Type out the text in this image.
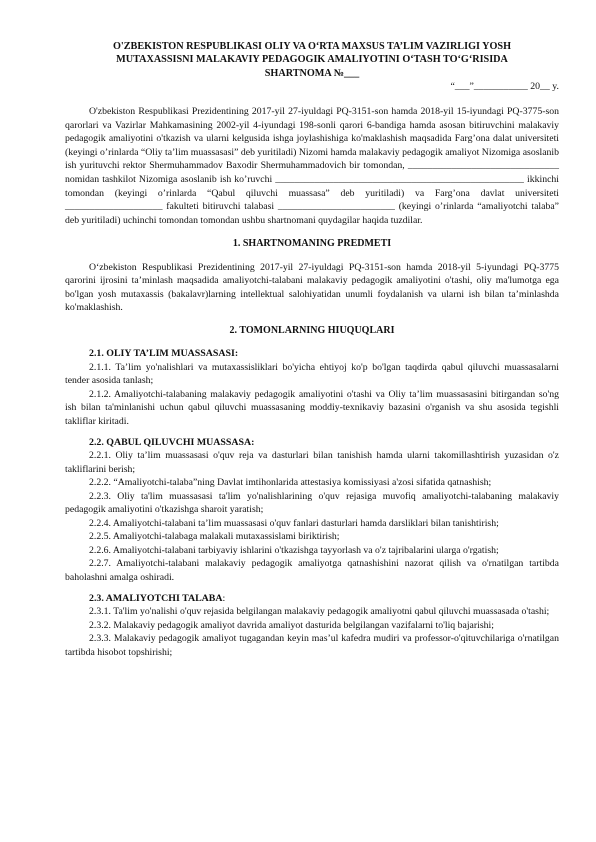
O'ZBEKISTON RESPUBLIKASI OLIY VA O‘RTA MAXSUS TA’LIM VAZIRLIGI YOSH

MUTAXASSISNI MALAKAVIY PEDAGOGIK AMALIYOTINI O‘TASH TO‘G‘RISIDA

SHARTNOMA №___

“___”___________ 20__ y.

O'zbekiston Respublikasi Prezidentining 2017-yil 27-iyuldagi PQ-3151-son hamda 2018-yil 15-iyundagi PQ-3775-son qarorlari va Vazirlar Mahkamasining 2002-yil 4-iyundagi 198-sonli qarori 6-bandiga hamda asosan bitiruvchini malakaviy pedagogik amaliyotini o'tkazish va ularni kelgusida ishga joylashishiga ko'maklashish maqsadida Farg’ona dalat universiteti (keyingi o’rinlarda “Oliy ta’lim muassasasi” deb yuritiladi) Nizomi hamda malakaviy pedagogik amaliyot Nizomiga asoslanib ish yurituvchi rektor Shermuhammadov Baxodir Shermuhammadovich bir tomondan, _______________________________ nomidan tashkilot Nizomiga asoslanib ish ko’ruvchi ___________________________________________________ ikkinchi tomondan (keyingi o’rinlarda “Qabul qiluvchi muassasa” deb yuritiladi) va Farg’ona davlat universiteti ____________________ fakulteti bitiruvchi talabasi ________________________ (keyingi o’rinlarda “amaliyotchi talaba” deb yuritiladi) uchinchi tomondan tomondan ushbu shartnomani quydagilar haqida tuzdilar.

1. SHARTNOMANING PREDMETI

O‘zbekiston Respublikasi Prezidentining 2017-yil 27-iyuldagi PQ-3151-son hamda 2018-yil 5-iyundagi PQ-3775 qarorini ijrosini ta’minlash maqsadida amaliyotchi-talabani malakaviy pedagogik amaliyotini o'tashi, oliy ma'lumotga ega bo'lgan yosh mutaxassis (bakalavr)larning intellektual salohiyatidan unumli foydalanish va ularni ish bilan ta’minlashda ko'maklashish.

2. TOMONLARNING HIUQUQLARI

2.1. OLIY TA’LIM MUASSASASI:

2.1.1. Ta’lim yo'nalishlari va mutaxassisliklari bo'yicha ehtiyoj ko'p bo'lgan taqdirda qabul qiluvchi muassasalarni tender asosida tanlash;

2.1.2. Amaliyotchi-talabaning malakaviy pedagogik amaliyotini o'tashi va Oliy ta’lim muassasasini bitirgandan so'ng ish bilan ta'minlanishi uchun qabul qiluvchi muassasaning moddiy-texnikaviy bazasini o'rganish va shu asosida tegishli takliflar kiritadi.

2.2. QABUL QILUVCHI MUASSASA:

2.2.1. Oliy ta’lim muassasasi o'quv reja va dasturlari bilan tanishish hamda ularni takomillashtirish yuzasidan o'z takliflarini berish;

2.2.2. “Amaliyotchi-talaba”ning Davlat imtihonlarida attestasiya komissiyasi a'zosi sifatida qatnashish;

2.2.3. Oliy ta'lim muassasasi ta'lim yo'nalishlarining o'quv rejasiga muvofiq amaliyotchi-talabaning malakaviy pedagogik amaliyotini o'tkazishga sharoit yaratish;

2.2.4. Amaliyotchi-talabani ta’lim muassasasi o'quv fanlari dasturlari hamda darsliklari bilan tanishtirish;

2.2.5. Amaliyotchi-talabaga malakali mutaxassislami biriktirish;

2.2.6. Amaliyotchi-talabani tarbiyaviy ishlarini o'tkazishga tayyorlash va o'z tajribalarini ularga o'rgatish;

2.2.7. Amaliyotchi-talabani malakaviy pedagogik amaliyotga qatnashishini nazorat qilish va o'rnatilgan tartibda baholashni amalga oshiradi.

2.3. AMALIYOTCHI TALABA:

2.3.1. Ta'lim yo'nalishi o'quv rejasida belgilangan malakaviy pedagogik amaliyotni qabul qiluvchi muassasada o'tashi;

2.3.2. Malakaviy pedagogik amaliyot davrida amaliyot dasturida belgilangan vazifalarni to'liq bajarishi;

2.3.3. Malakaviy pedagogik amaliyot tugagandan keyin mas’ul kafedra mudiri va professor-o'qituvchilariga o'rnatilgan tartibda hisobot topshirishi;
